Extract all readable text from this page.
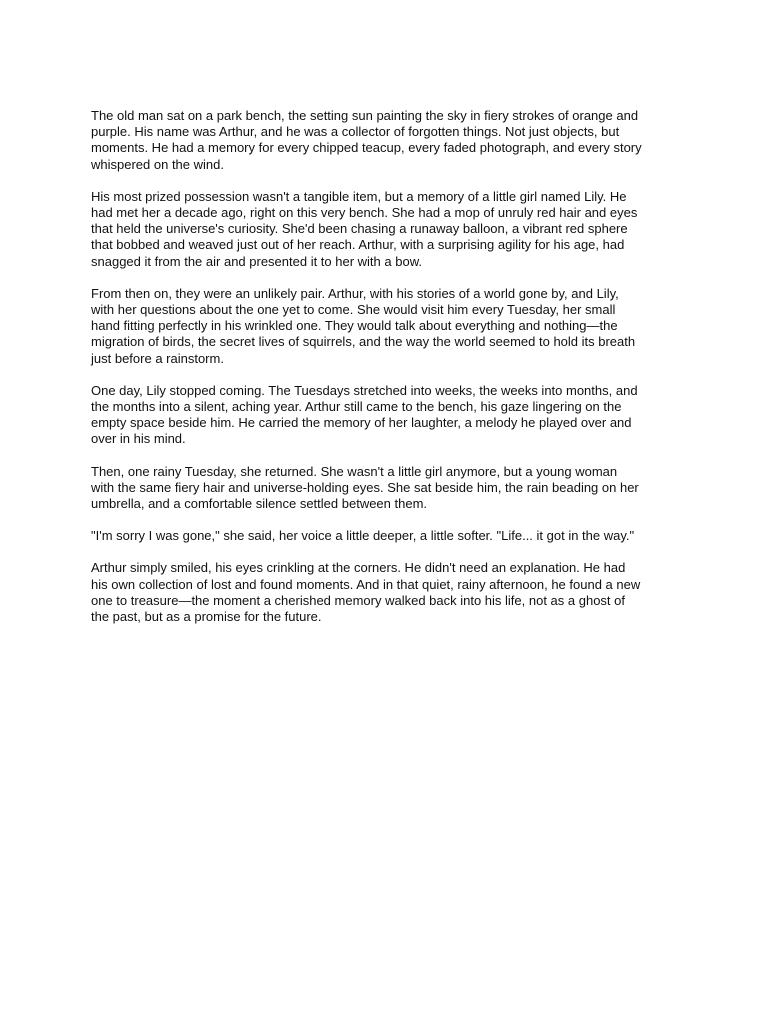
The old man sat on a park bench, the setting sun painting the sky in fiery strokes of orange and
purple. His name was Arthur, and he was a collector of forgotten things. Not just objects, but
moments. He had a memory for every chipped teacup, every faded photograph, and every story
whispered on the wind.

His most prized possession wasn't a tangible item, but a memory of a little girl named Lily. He
had met her a decade ago, right on this very bench. She had a mop of unruly red hair and eyes
that held the universe's curiosity. She'd been chasing a runaway balloon, a vibrant red sphere
that bobbed and weaved just out of her reach. Arthur, with a surprising agility for his age, had
snagged it from the air and presented it to her with a bow.

From then on, they were an unlikely pair. Arthur, with his stories of a world gone by, and Lily,
with her questions about the one yet to come. She would visit him every Tuesday, her small
hand fitting perfectly in his wrinkled one. They would talk about everything and nothing—the
migration of birds, the secret lives of squirrels, and the way the world seemed to hold its breath
just before a rainstorm.

One day, Lily stopped coming. The Tuesdays stretched into weeks, the weeks into months, and
the months into a silent, aching year. Arthur still came to the bench, his gaze lingering on the
empty space beside him. He carried the memory of her laughter, a melody he played over and
over in his mind.

Then, one rainy Tuesday, she returned. She wasn't a little girl anymore, but a young woman
with the same fiery hair and universe-holding eyes. She sat beside him, the rain beading on her
umbrella, and a comfortable silence settled between them.

"I'm sorry I was gone," she said, her voice a little deeper, a little softer. "Life... it got in the way."

Arthur simply smiled, his eyes crinkling at the corners. He didn't need an explanation. He had
his own collection of lost and found moments. And in that quiet, rainy afternoon, he found a new
one to treasure—the moment a cherished memory walked back into his life, not as a ghost of
the past, but as a promise for the future.
